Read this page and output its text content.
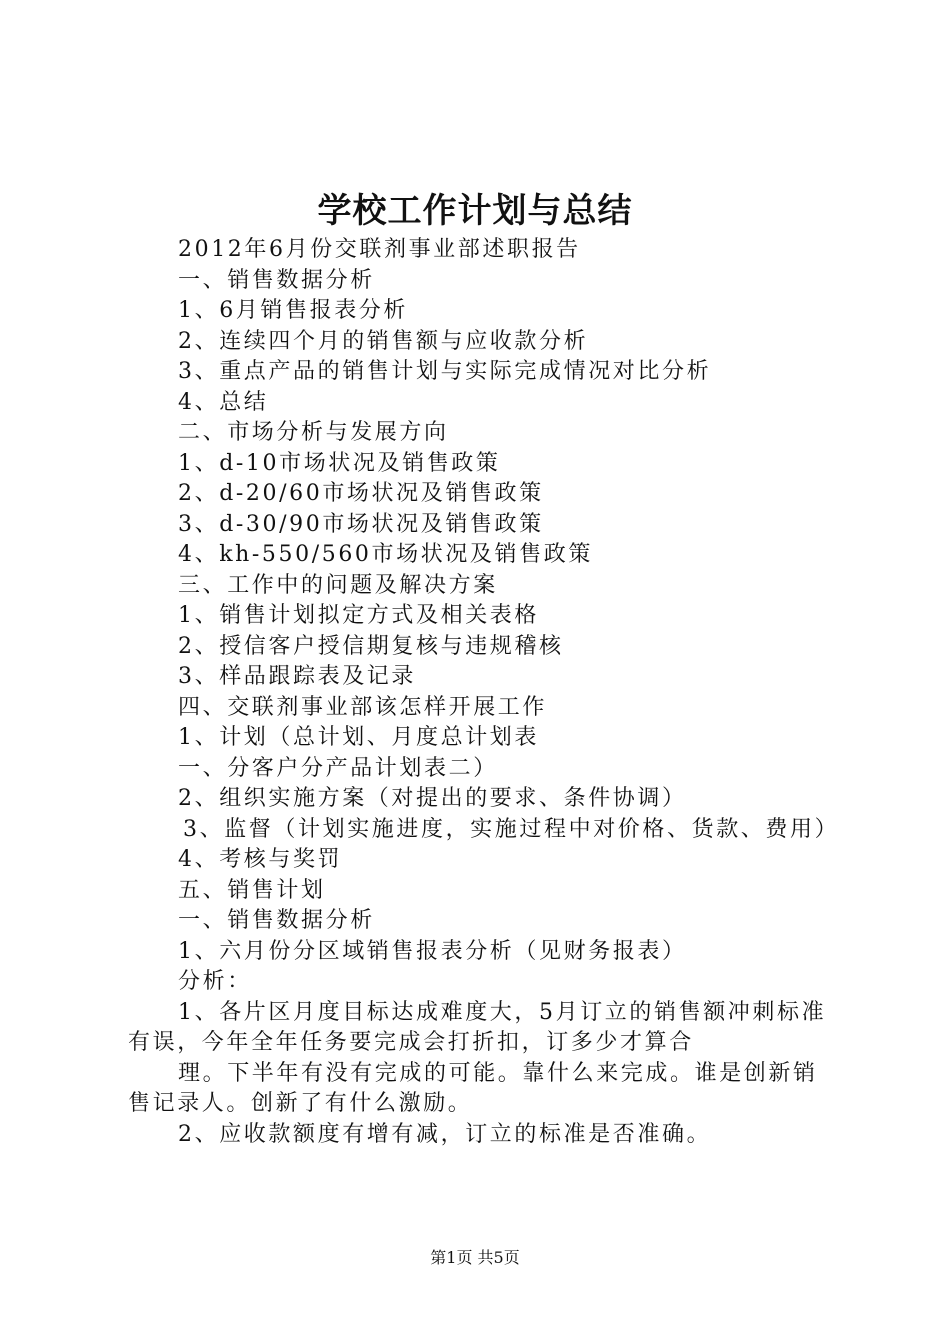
学校工作计划与总结

2012年6月份交联剂事业部述职报告

一、销售数据分析

1、6月销售报表分析

2、连续四个月的销售额与应收款分析

3、重点产品的销售计划与实际完成情况对比分析

4、总结

二、市场分析与发展方向

1、d-10市场状况及销售政策

2、d-20/60市场状况及销售政策

3、d-30/90市场状况及销售政策

4、kh-550/560市场状况及销售政策

三、工作中的问题及解决方案

1、销售计划拟定方式及相关表格

2、授信客户授信期复核与违规稽核

3、样品跟踪表及记录

四、交联剂事业部该怎样开展工作

1、计划（总计划、月度总计划表

一、分客户分产品计划表二）

2、组织实施方案（对提出的要求、条件协调）

3、监督（计划实施进度，实施过程中对价格、货款、费用）

4、考核与奖罚

五、销售计划

一、销售数据分析

1、六月份分区域销售报表分析（见财务报表）

分析：

1、各片区月度目标达成难度大，5月订立的销售额冲刺标准有误，今年全年任务要完成会打折扣，订多少才算合

理。下半年有没有完成的可能。靠什么来完成。谁是创新销售记录人。创新了有什么激励。

2、应收款额度有增有减，订立的标准是否准确。

第1页 共5页
